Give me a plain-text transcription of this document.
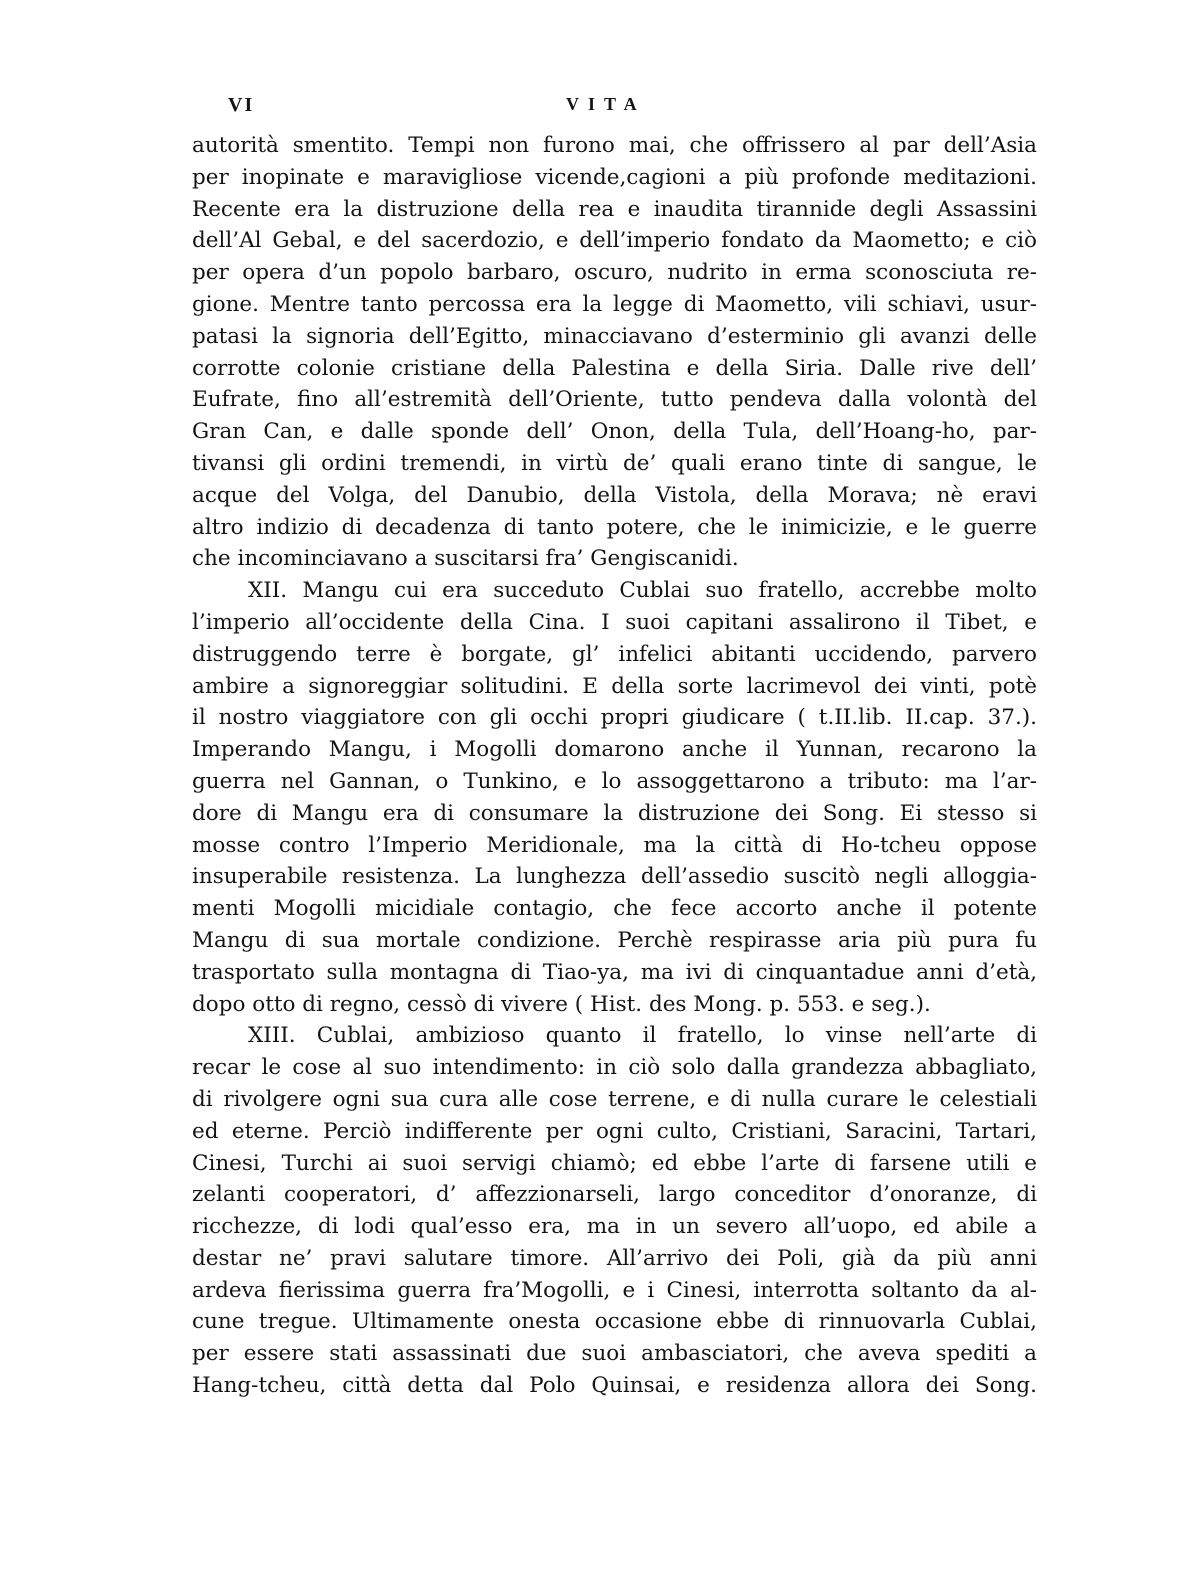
VI	VITA
autorità smentito. Tempi non furono mai, che offrissero al par dell’Asia
per inopinate e maravigliose vicende,cagioni a più profonde meditazioni.
Recente era la distruzione della rea e inaudita tirannide degli Assassini
dell’Al Gebal, e del sacerdozio, e dell’imperio fondato da Maometto; e ciò
per opera d’un popolo barbaro, oscuro, nudrito in erma sconosciuta re-
gione. Mentre tanto percossa era la legge di Maometto, vili schiavi, usur-
patasi la signoria dell’Egitto, minacciavano d’esterminio gli avanzi delle
corrotte colonie cristiane della Palestina e della Siria. Dalle rive dell’
Eufrate, fino all’estremità dell’Oriente, tutto pendeva dalla volontà del
Gran Can, e dalle sponde dell’ Onon, della Tula, dell’Hoang-ho, par-
tivansi gli ordini tremendi, in virtù de’ quali erano tinte di sangue, le
acque del Volga, del Danubio, della Vistola, della Morava; nè eravi
altro indizio di decadenza di tanto potere, che le inimicizie, e le guerre
che incominciavano a suscitarsi fra’ Gengiscanidi.
XII. Mangu cui era succeduto Cublai suo fratello, accrebbe molto
l’imperio all’occidente della Cina. I suoi capitani assalirono il Tibet, e
distruggendo terre è borgate, gl’ infelici abitanti uccidendo, parvero
ambire a signoreggiar solitudini. E della sorte lacrimevol dei vinti, potè
il nostro viaggiatore con gli occhi propri giudicare ( t.II.lib. II.cap. 37.).
Imperando Mangu, i Mogolli domarono anche il Yunnan, recarono la
guerra nel Gannan, o Tunkino, e lo assoggettarono a tributo: ma l’ar-
dore di Mangu era di consumare la distruzione dei Song. Ei stesso si
mosse contro l’Imperio Meridionale, ma la città di Ho-tcheu oppose
insuperabile resistenza. La lunghezza dell’assedio suscitò negli alloggia-
menti Mogolli micidiale contagio, che fece accorto anche il potente
Mangu di sua mortale condizione. Perchè respirasse aria più pura fu
trasportato sulla montagna di Tiao-ya, ma ivi di cinquantadue anni d’età,
dopo otto di regno, cessò di vivere ( Hist. des Mong. p. 553. e seg.).
XIII. Cublai, ambizioso quanto il fratello, lo vinse nell’arte di
recar le cose al suo intendimento: in ciò solo dalla grandezza abbagliato,
di rivolgere ogni sua cura alle cose terrene, e di nulla curare le celestiali
ed eterne. Perciò indifferente per ogni culto, Cristiani, Saracini, Tartari,
Cinesi, Turchi ai suoi servigi chiamò; ed ebbe l’arte di farsene utili e
zelanti cooperatori, d’ affezzionarseli, largo conceditor d’onoranze, di
ricchezze, di lodi qual’esso era, ma in un severo all’uopo, ed abile a
destar ne’ pravi salutare timore. All’arrivo dei Poli, già da più anni
ardeva fierissima guerra fra’Mogolli, e i Cinesi, interrotta soltanto da al-
cune tregue. Ultimamente onesta occasione ebbe di rinnuovarla Cublai,
per essere stati assassinati due suoi ambasciatori, che aveva spediti a
Hang-tcheu, città detta dal Polo Quinsai, e residenza allora dei Song.
